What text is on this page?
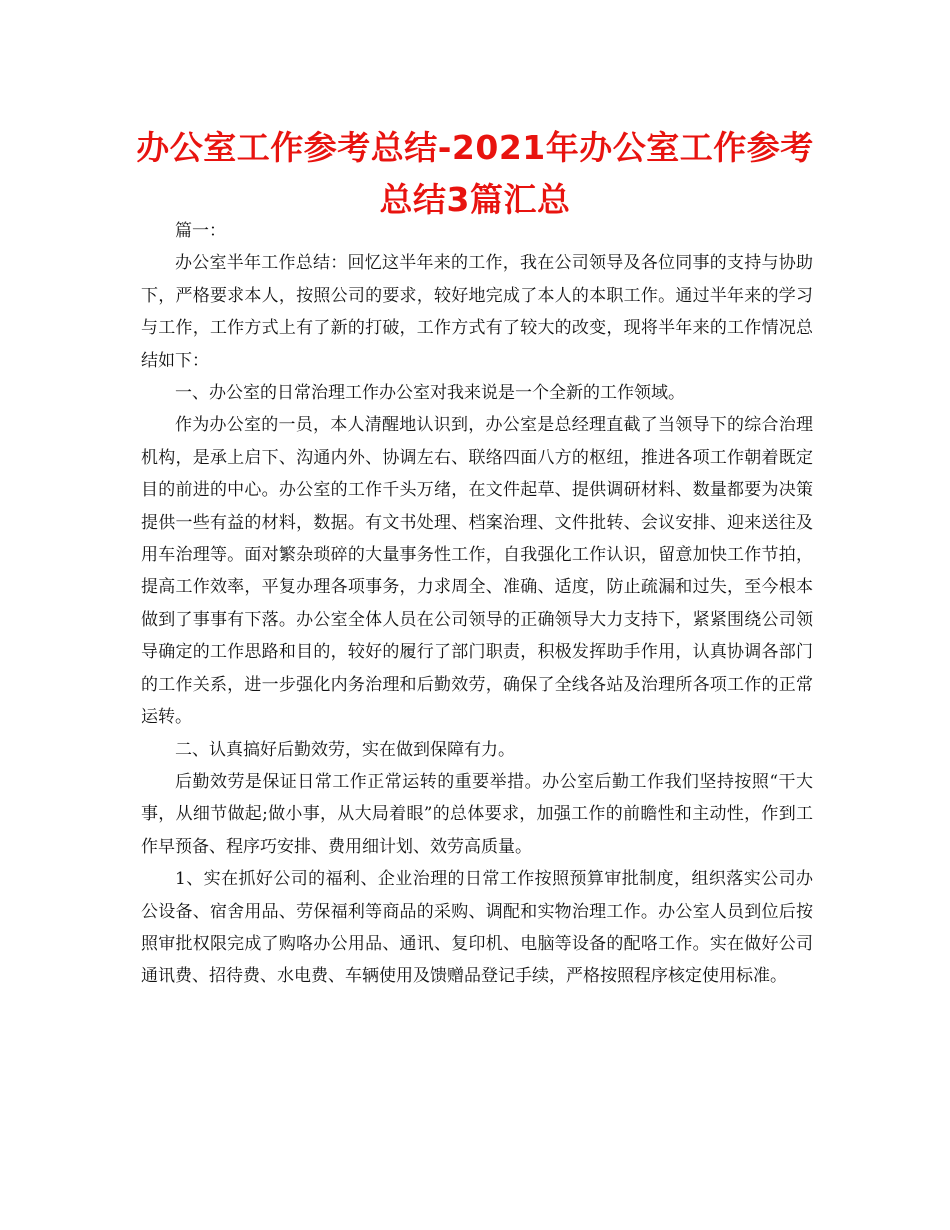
办公室工作参考总结-2021年办公室工作参考总结3篇汇总

篇一：

办公室半年工作总结：回忆这半年来的工作，我在公司领导及各位同事的支持与协助下，严格要求本人，按照公司的要求，较好地完成了本人的本职工作。通过半年来的学习与工作，工作方式上有了新的打破，工作方式有了较大的改变，现将半年来的工作情况总结如下：

一、办公室的日常治理工作办公室对我来说是一个全新的工作领域。

作为办公室的一员，本人清醒地认识到，办公室是总经理直截了当领导下的综合治理机构，是承上启下、沟通内外、协调左右、联络四面八方的枢纽，推进各项工作朝着既定目的前进的中心。办公室的工作千头万绪，在文件起草、提供调研材料、数量都要为决策提供一些有益的材料，数据。有文书处理、档案治理、文件批转、会议安排、迎来送往及用车治理等。面对繁杂琐碎的大量事务性工作，自我强化工作认识，留意加快工作节拍，提高工作效率，平复办理各项事务，力求周全、准确、适度，防止疏漏和过失，至今根本做到了事事有下落。办公室全体人员在公司领导的正确领导大力支持下，紧紧围绕公司领导确定的工作思路和目的，较好的履行了部门职责，积极发挥助手作用，认真协调各部门的工作关系，进一步强化内务治理和后勤效劳，确保了全线各站及治理所各项工作的正常运转。

二、认真搞好后勤效劳，实在做到保障有力。

后勤效劳是保证日常工作正常运转的重要举措。办公室后勤工作我们坚持按照“干大事，从细节做起;做小事，从大局着眼”的总体要求，加强工作的前瞻性和主动性，作到工作早预备、程序巧安排、费用细计划、效劳高质量。

1、实在抓好公司的福利、企业治理的日常工作按照预算审批制度，组织落实公司办公设备、宿舍用品、劳保福利等商品的采购、调配和实物治理工作。办公室人员到位后按照审批权限完成了购咯办公用品、通讯、复印机、电脑等设备的配咯工作。实在做好公司通讯费、招待费、水电费、车辆使用及馈赠品登记手续，严格按照程序核定使用标准。
